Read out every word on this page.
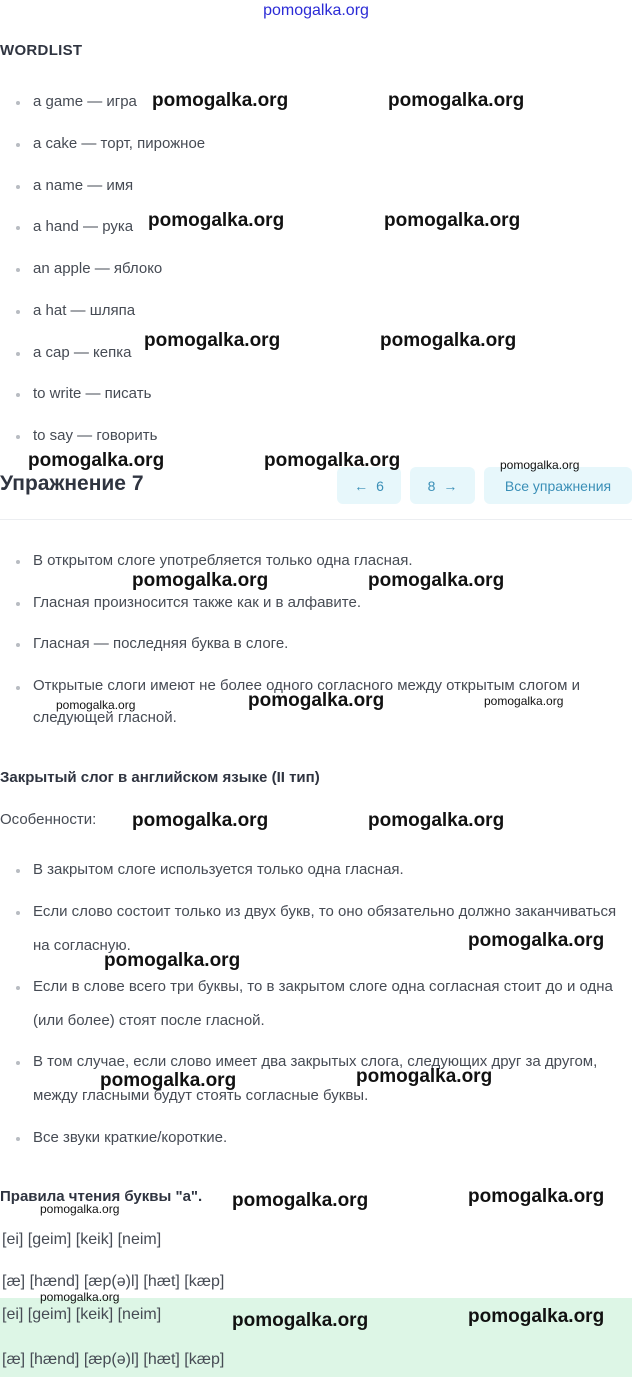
pomogalka.org
WORDLIST
a game — игра
a cake — торт, пирожное
a name — имя
a hand — рука
an apple — яблоко
a hat — шляпа
a cap — кепка
to write — писать
to say — говорить
Упражнение 7	← 6	8 →	Все упражнения
В открытом слоге употребляется только одна гласная.
Гласная произносится также как и в алфавите.
Гласная — последняя буква в слоге.
Открытые слоги имеют не более одного согласного между открытым слогом и следующей гласной.
Закрытый слог в английском языке (II тип)
Особенности:
В закрытом слоге используется только одна гласная.
Если слово состоит только из двух букв, то оно обязательно должно заканчиваться на согласную.
Если в слове всего три буквы, то в закрытом слоге одна согласная стоит до и одна (или более) стоят после гласной.
В том случае, если слово имеет два закрытых слога, следующих друг за другом, между гласными будут стоять согласные буквы.
Все звуки краткие/короткие.
Правила чтения буквы "а".
[ei] [geim] [keik] [neim]
[æ] [hænd] [æp(ə)l] [hæt] [kæp]
[ei] [geim] [keik] [neim]
[æ] [hænd] [æp(ə)l] [hæt] [kæp]
pomogalka.org	pomogalka.org
pomogalka.org	pomogalka.org
pomogalka.org	pomogalka.org
pomogalka.org	pomogalka.org	pomogalka.org
pomogalka.org	pomogalka.org
pomogalka.org	pomogalka.org	pomogalka.org
pomogalka.org	pomogalka.org
pomogalka.org
pomogalka.org
pomogalka.org	pomogalka.org
pomogalka.org	pomogalka.org
pomogalka.org
pomogalka.org
pomogalka.org	pomogalka.org
